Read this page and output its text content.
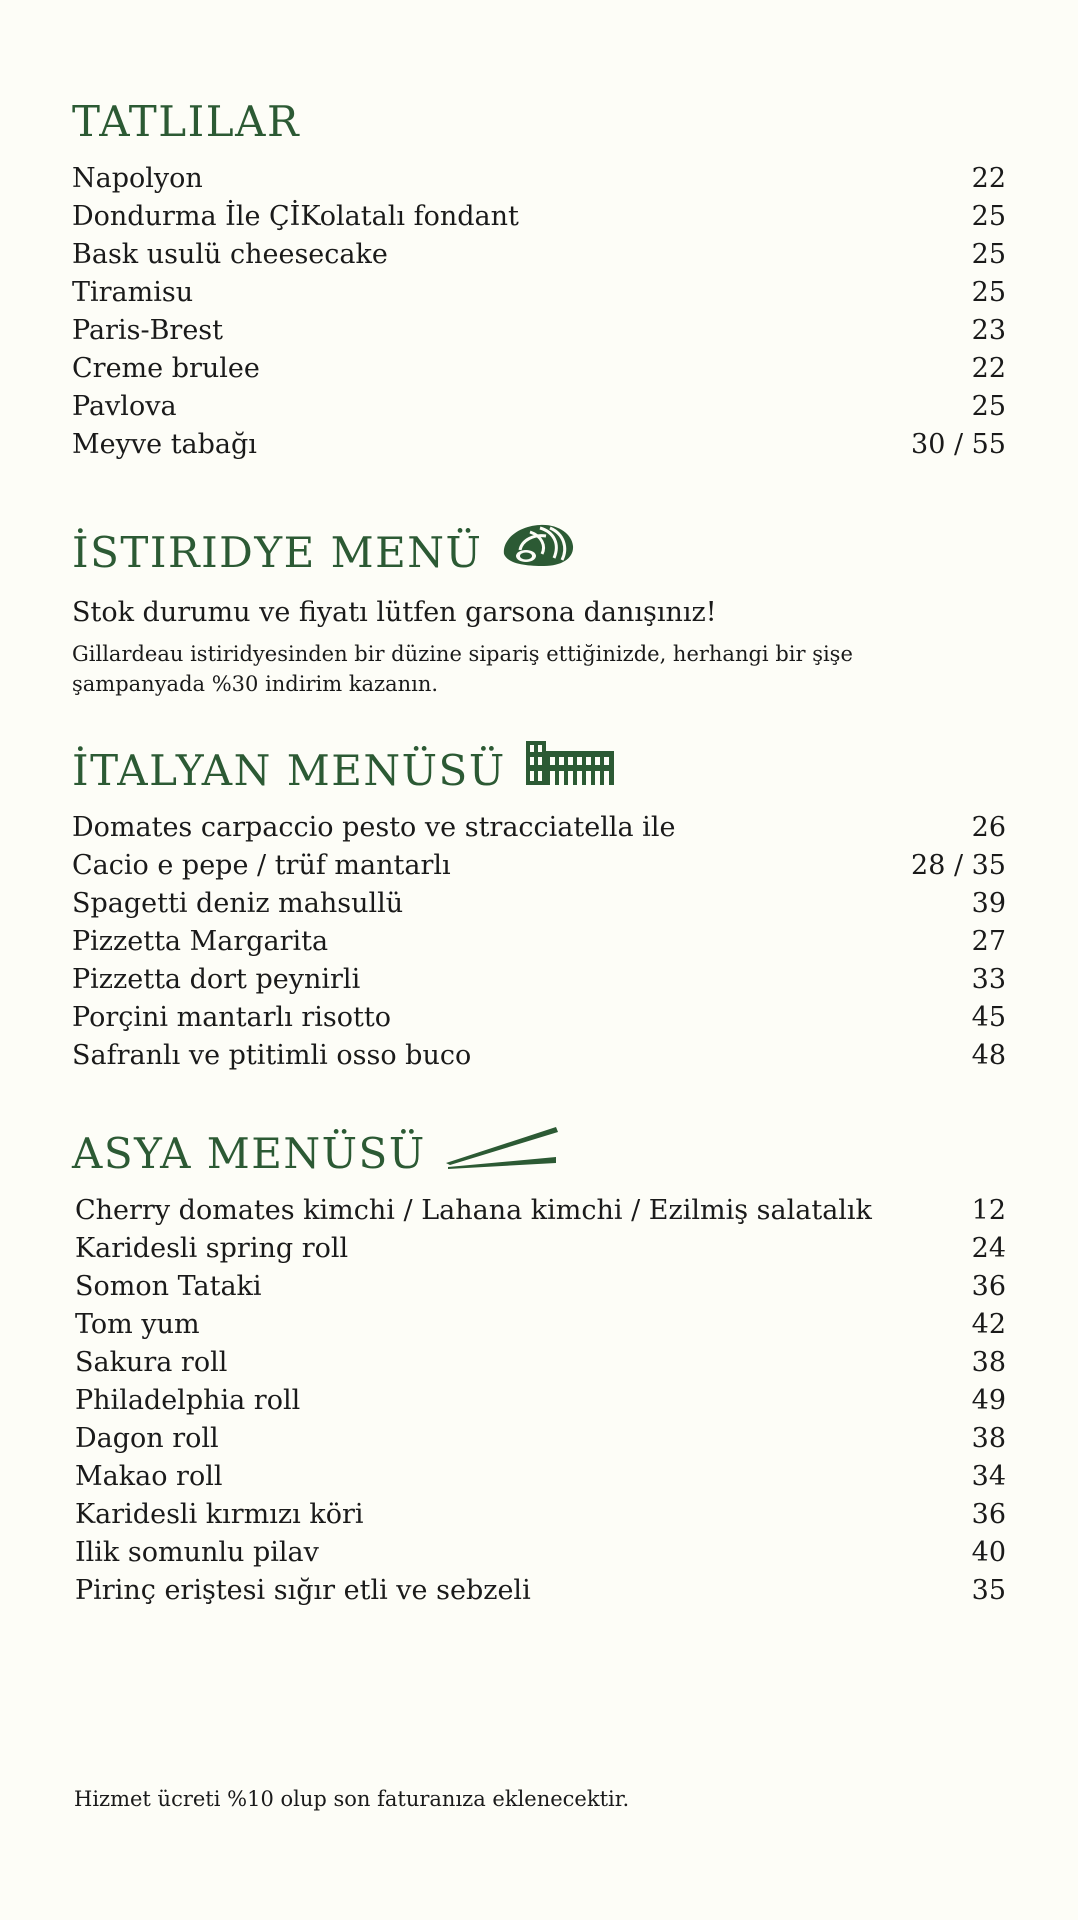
TATLILAR
Napolyon	22
Dondurma İle ÇİKolatalı fondant	25
Bask usulü cheesecake	25
Tiramisu	25
Paris-Brest	23
Creme brulee	22
Pavlova	25
Meyve tabağı	30 / 55
İSTIRIDYE MENÜ
Stok durumu ve fiyatı lütfen garsona danışınız!
Gillardeau istiridyesinden bir düzine sipariş ettiğinizde, herhangi bir şişe şampanyada %30 indirim kazanın.
İTALYAN MENÜSÜ
Domates carpaccio pesto ve stracciatella ile	26
Cacio e pepe / trüf mantarlı	28 / 35
Spagetti deniz mahsullü	39
Pizzetta Margarita	27
Pizzetta dort peynirli	33
Porçini mantarlı risotto	45
Safranlı ve ptitimli osso buco	48
ASYA MENÜSÜ
Cherry domates kimchi / Lahana kimchi / Ezilmiş salatalık	12
Karidesli spring roll	24
Somon Tataki	36
Tom yum	42
Sakura roll	38
Philadelphia roll	49
Dagon roll	38
Makao roll	34
Karidesli kırmızı köri	36
Ilik somunlu pilav	40
Pirinç eriştesi sığır etli ve sebzeli	35
Hizmet ücreti %10 olup son faturanıza eklenecektir.
